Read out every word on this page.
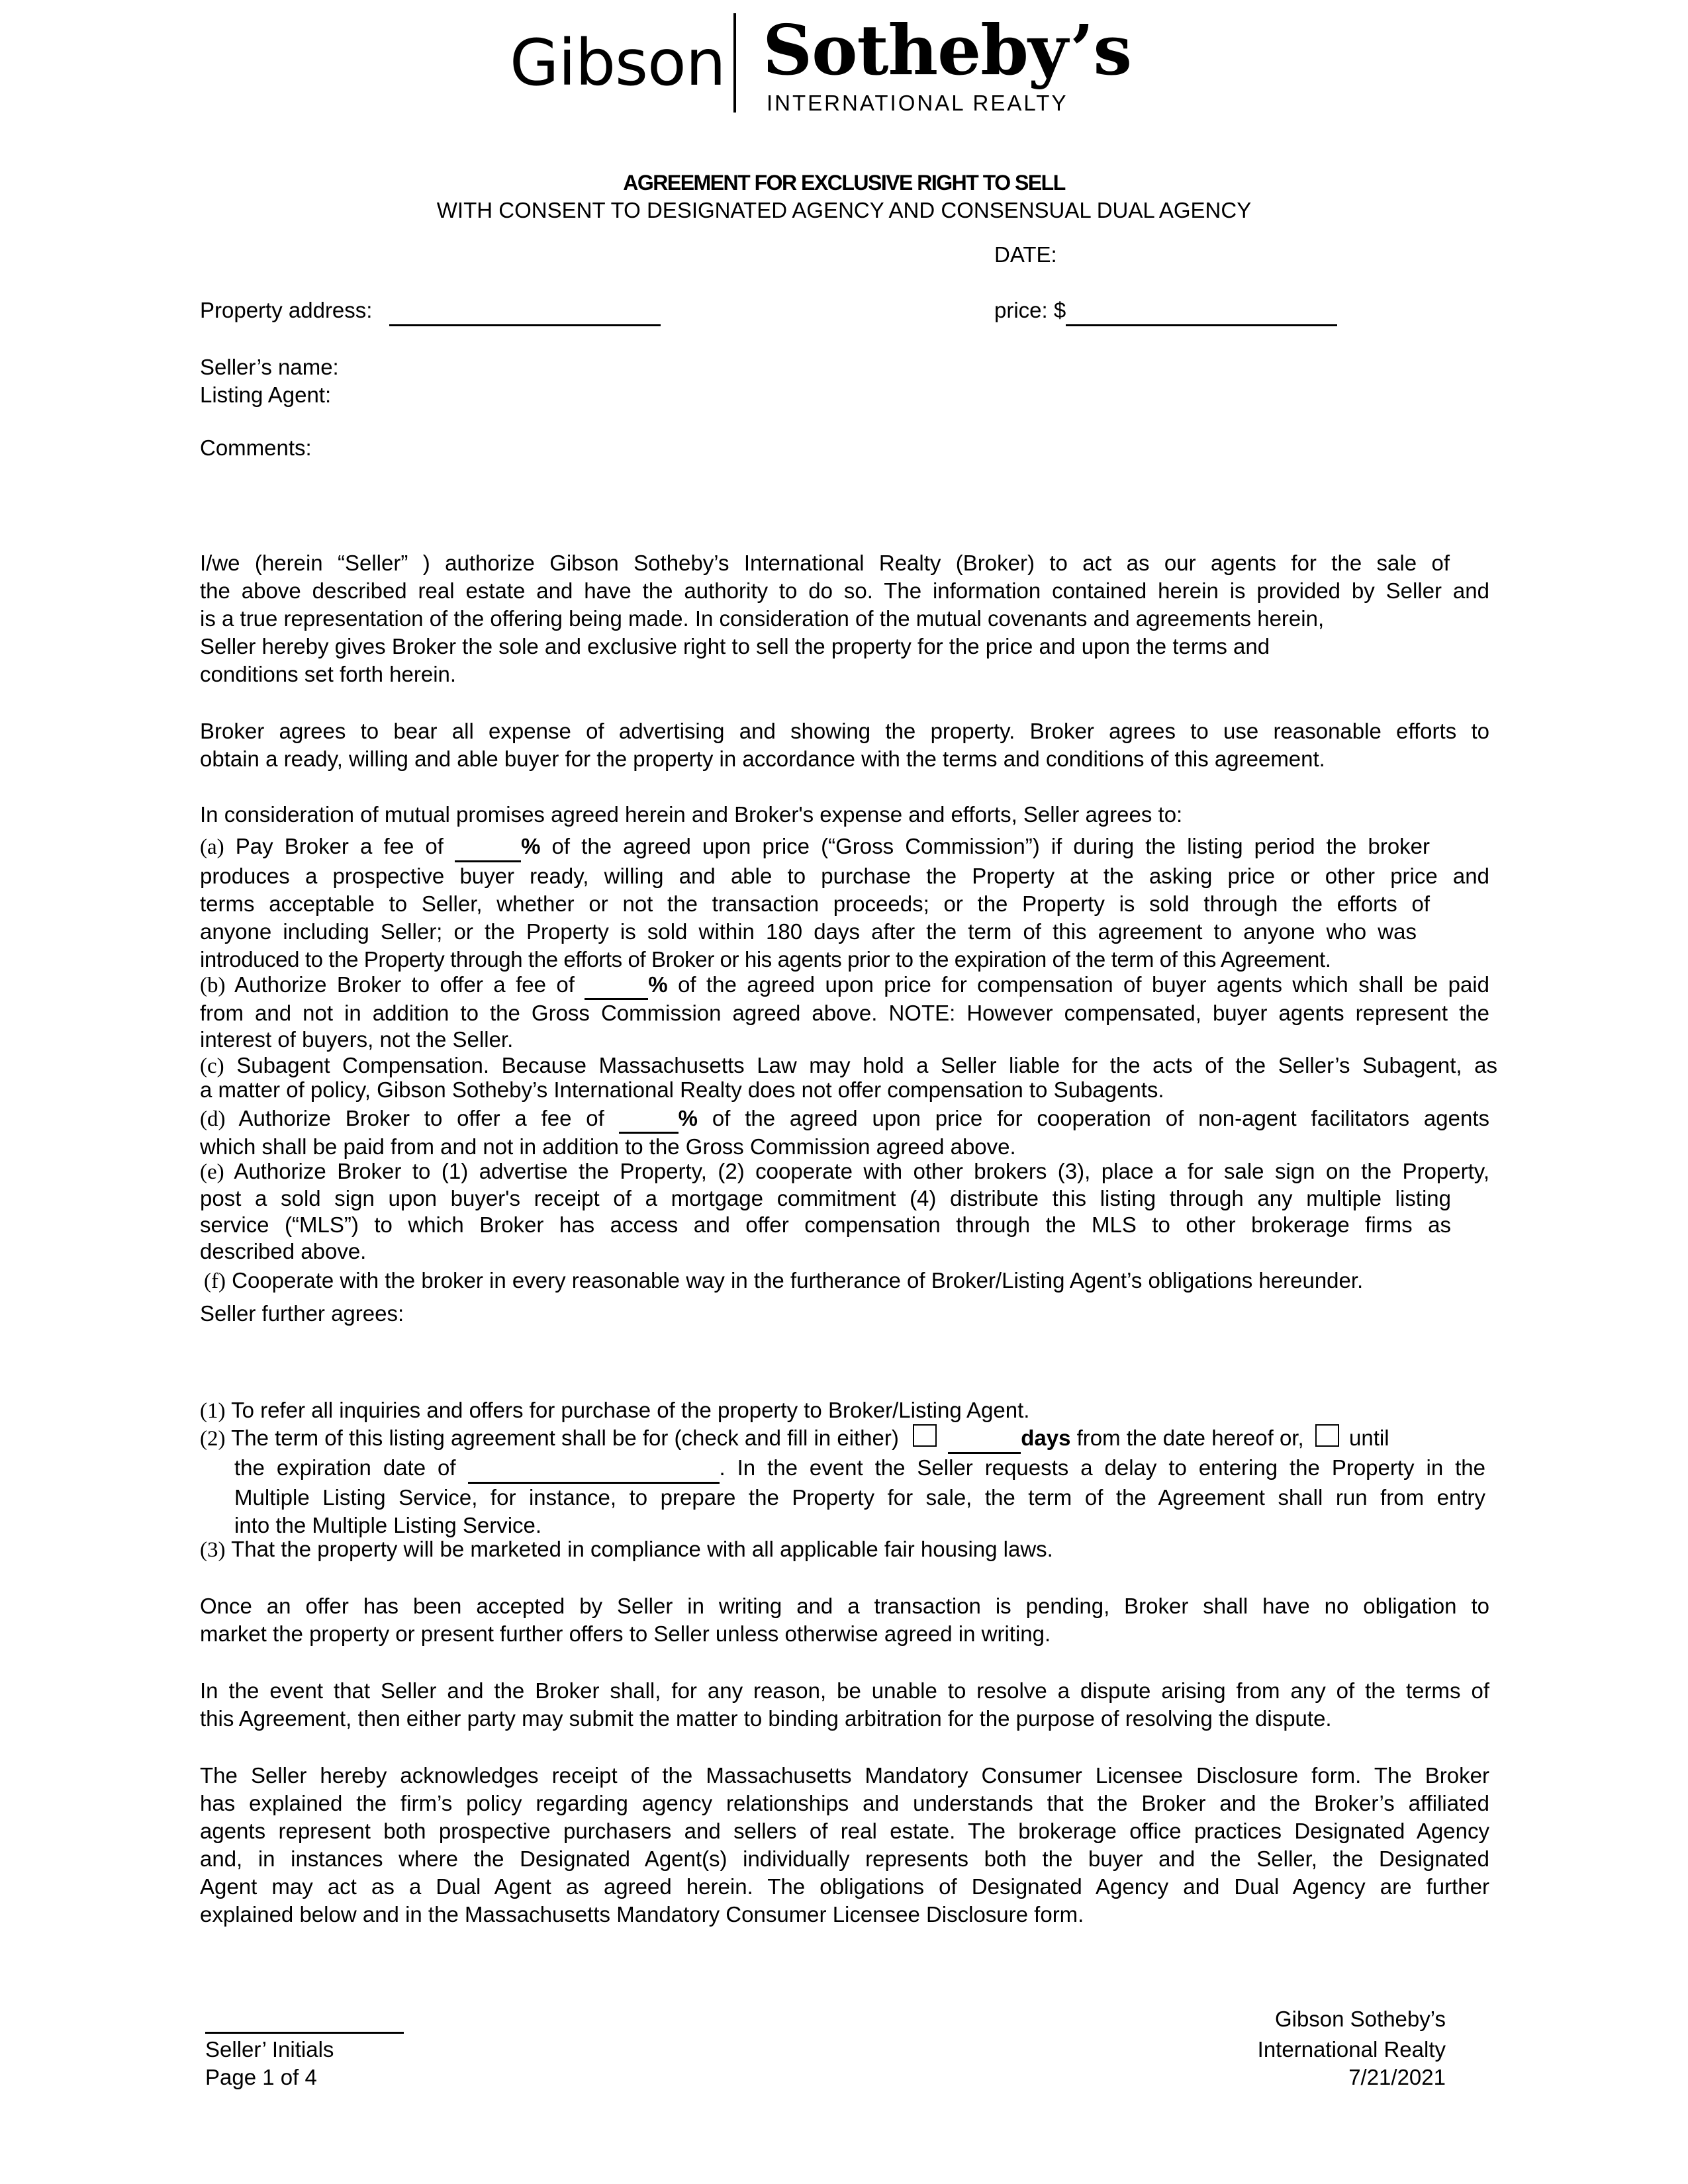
Gibson Sotheby’s
INTERNATIONAL REALTY
AGREEMENT FOR EXCLUSIVE RIGHT TO SELL
WITH CONSENT TO DESIGNATED AGENCY AND CONSENSUAL DUAL AGENCY
DATE:
Property address:	price: $
Seller’s name:
Listing Agent:
Comments:
I/we (herein “Seller” ) authorize Gibson Sotheby’s International Realty (Broker) to act as our agents for the sale of
the above described real estate and have the authority to do so. The information contained herein is provided by Seller and
is a true representation of the offering being made. In consideration of the mutual covenants and agreements herein,
Seller hereby gives Broker the sole and exclusive right to sell the property for the price and upon the terms and
conditions set forth herein.
Broker agrees to bear all expense of advertising and showing the property. Broker agrees to use reasonable efforts to
obtain a ready, willing and able buyer for the property in accordance with the terms and conditions of this agreement.
In consideration of mutual promises agreed herein and Broker's expense and efforts, Seller agrees to:
(a) Pay Broker a fee of	% of the agreed upon price (“Gross Commission”) if during the listing period the broker
produces a prospective buyer ready, willing and able to purchase the Property at the asking price or other price and
terms acceptable to Seller, whether or not the transaction proceeds; or the Property is sold through the efforts of
anyone including Seller; or the Property is sold within 180 days after the term of this agreement to anyone who was
introduced to the Property through the efforts of Broker or his agents prior to the expiration of the term of this Agreement.
(b) Authorize Broker to offer a fee of	% of the agreed upon price for compensation of buyer agents which shall be paid
from and not in addition to the Gross Commission agreed above. NOTE: However compensated, buyer agents represent the
interest of buyers, not the Seller.
(c) Subagent Compensation. Because Massachusetts Law may hold a Seller liable for the acts of the Seller’s Subagent, as
a matter of policy, Gibson Sotheby’s International Realty does not offer compensation to Subagents.
(d) Authorize Broker to offer a fee of	% of the agreed upon price for cooperation of non-agent facilitators agents
which shall be paid from and not in addition to the Gross Commission agreed above.
(e) Authorize Broker to (1) advertise the Property, (2) cooperate with other brokers (3), place a for sale sign on the Property,
post a sold sign upon buyer's receipt of a mortgage commitment (4) distribute this listing through any multiple listing
service (“MLS”) to which Broker has access and offer compensation through the MLS to other brokerage firms as
described above.
(f) Cooperate with the broker in every reasonable way in the furtherance of Broker/Listing Agent’s obligations hereunder.
Seller further agrees:
(1) To refer all inquiries and offers for purchase of the property to Broker/Listing Agent.
(2) The term of this listing agreement shall be for (check and fill in either)	days from the date hereof or, until
the expiration date of	. In the event the Seller requests a delay to entering the Property in the
Multiple Listing Service, for instance, to prepare the Property for sale, the term of the Agreement shall run from entry
into the Multiple Listing Service.
(3) That the property will be marketed in compliance with all applicable fair housing laws.
Once an offer has been accepted by Seller in writing and a transaction is pending, Broker shall have no obligation to
market the property or present further offers to Seller unless otherwise agreed in writing.
In the event that Seller and the Broker shall, for any reason, be unable to resolve a dispute arising from any of the terms of
this Agreement, then either party may submit the matter to binding arbitration for the purpose of resolving the dispute.
The Seller hereby acknowledges receipt of the Massachusetts Mandatory Consumer Licensee Disclosure form. The Broker
has explained the firm’s policy regarding agency relationships and understands that the Broker and the Broker’s affiliated
agents represent both prospective purchasers and sellers of real estate. The brokerage office practices Designated Agency
and, in instances where the Designated Agent(s) individually represents both the buyer and the Seller, the Designated
Agent may act as a Dual Agent as agreed herein. The obligations of Designated Agency and Dual Agency are further
explained below and in the Massachusetts Mandatory Consumer Licensee Disclosure form.
Seller’ Initials
Page 1 of 4
Gibson Sotheby’s
International Realty
7/21/2021
